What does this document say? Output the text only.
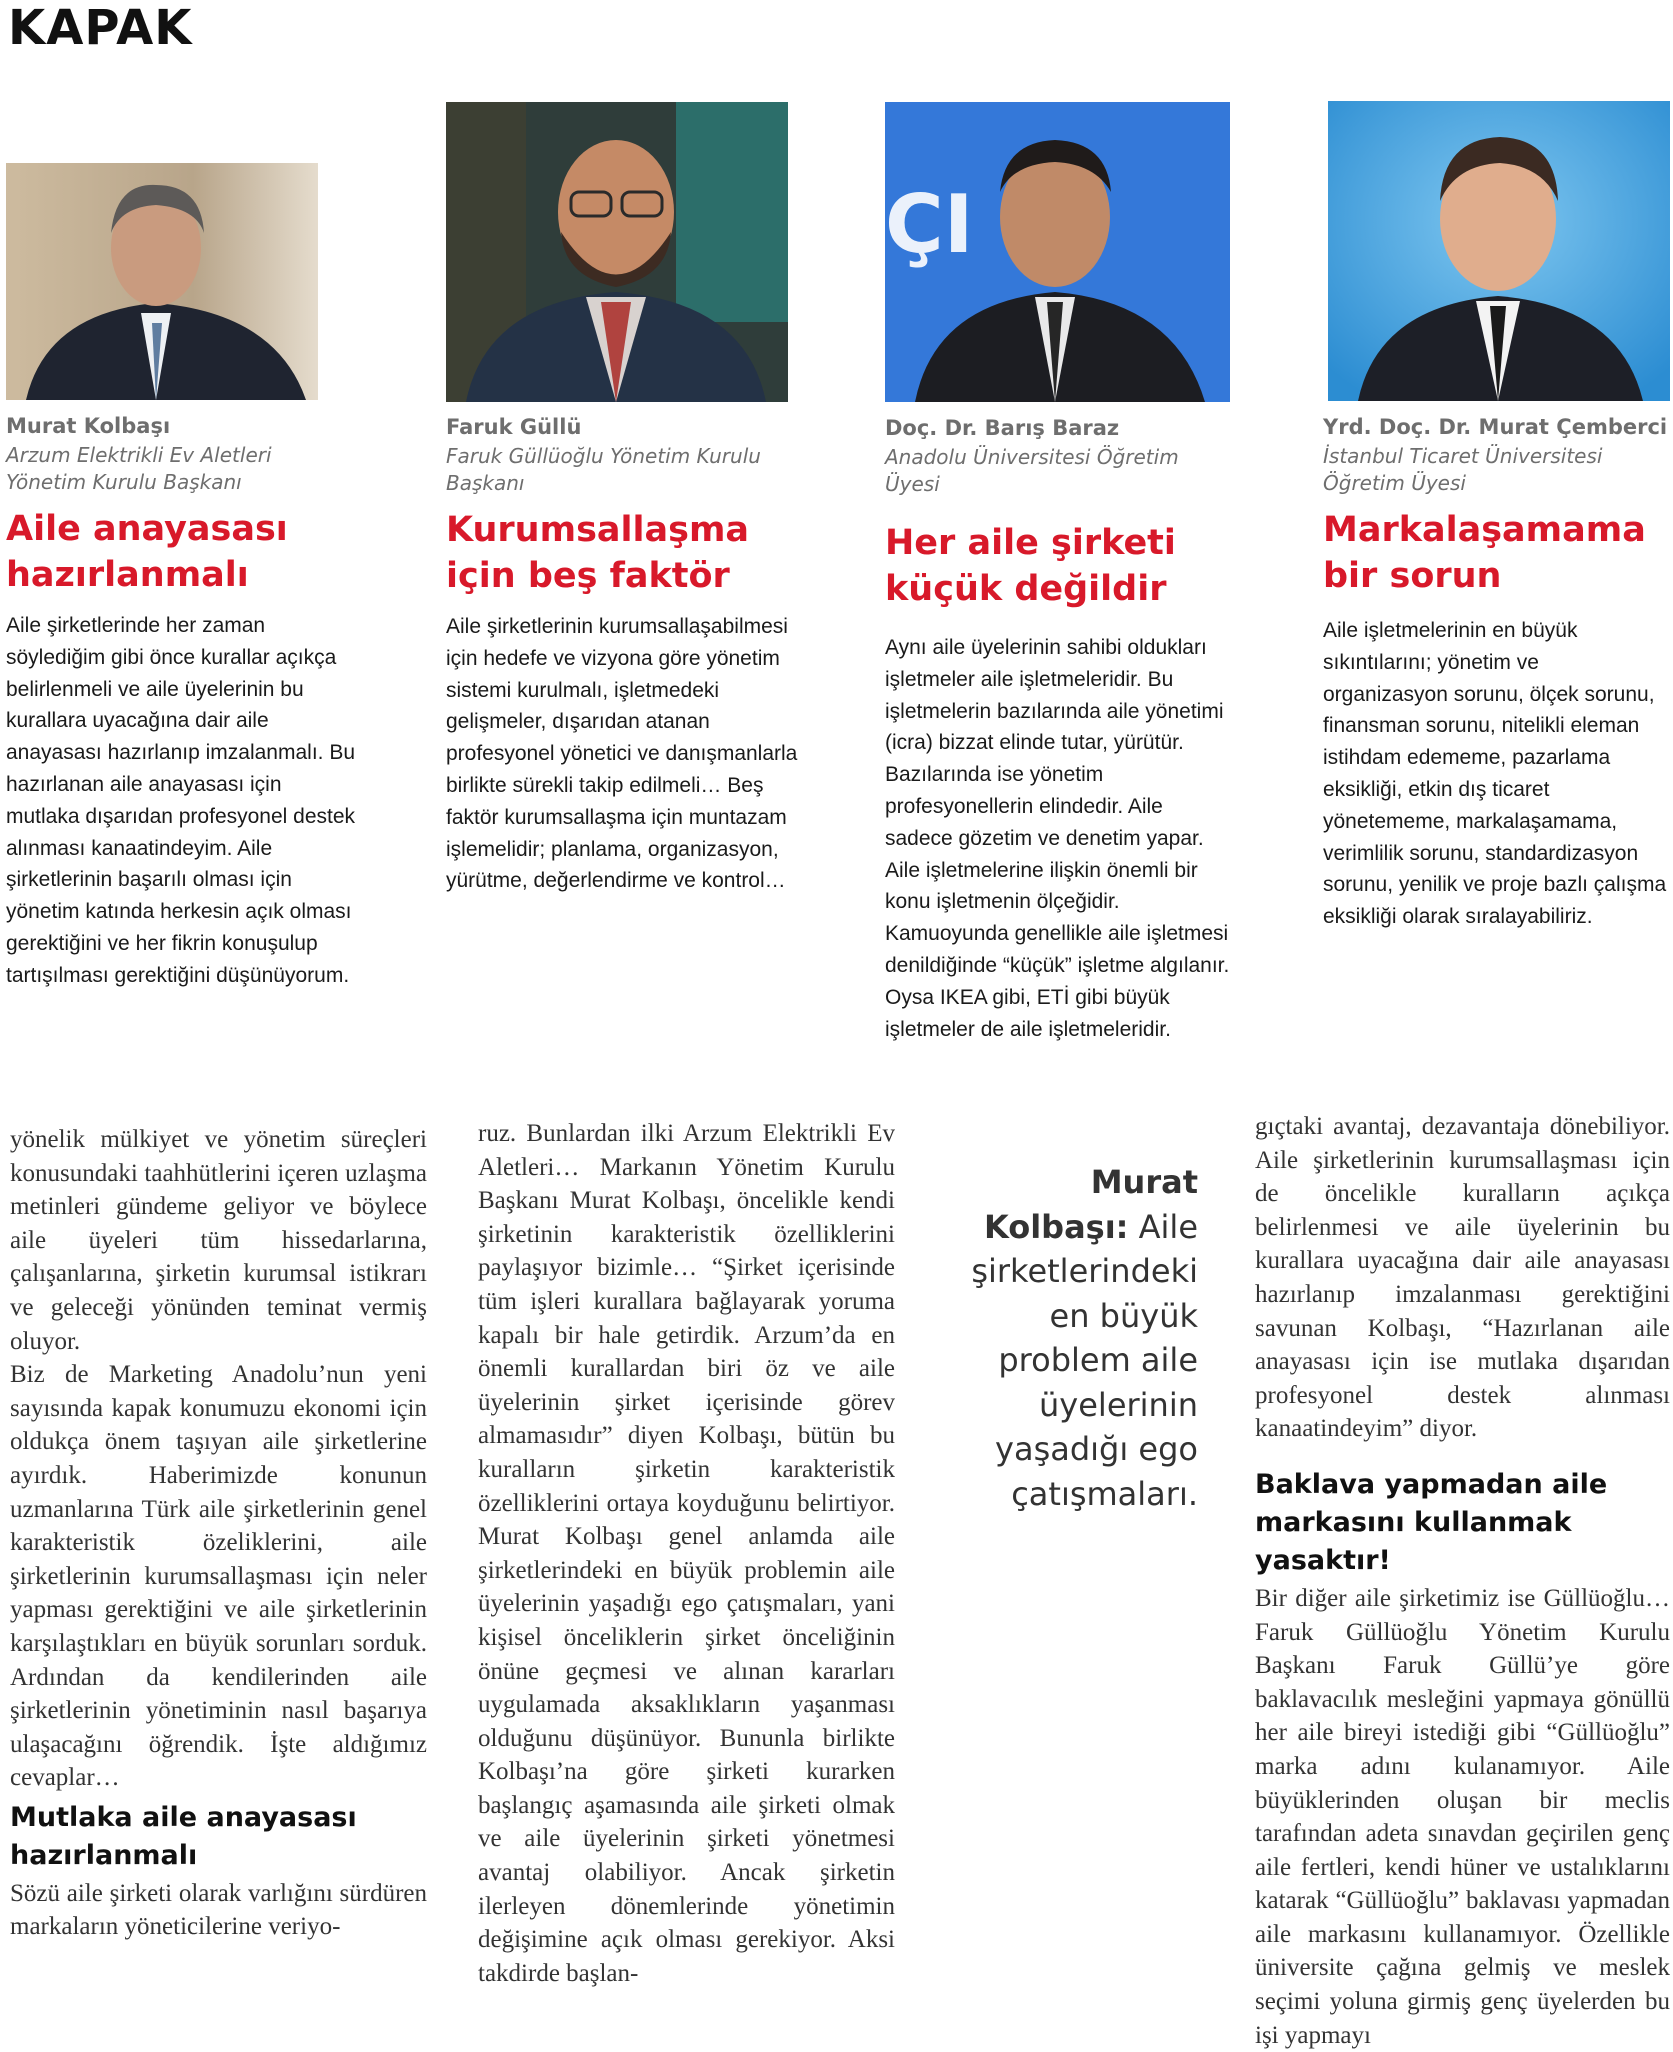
KAPAK
ÇI

Murat Kolbaşı

Arzum Elektrikli Ev Aletleri Yönetim Kurulu Başkanı

Aile anayasası hazırlanmalı

Aile şirketlerinde her zaman söylediğim gibi önce kurallar açıkça belirlenmeli ve aile üyelerinin bu kurallara uyacağına dair aile anayasası hazırlanıp imzalanmalı. Bu hazırlanan aile anayasası için mutlaka dışarıdan profesyonel destek alınması kanaatindeyim. Aile şirketlerinin başarılı olması için yönetim katında herkesin açık olması gerektiğini ve her fikrin konuşulup tartışılması gerektiğini düşünüyorum.

Faruk Güllü

Faruk Güllüoğlu Yönetim Kurulu Başkanı

Kurumsallaşma için beş faktör

Aile şirketlerinin kurumsallaşabilmesi için hedefe ve vizyona göre yönetim sistemi kurulmalı, işletmedeki gelişmeler, dışarıdan atanan profesyonel yönetici ve danışmanlarla birlikte sürekli takip edilmeli… Beş faktör kurumsallaşma için muntazam işlemelidir; planlama, organizasyon, yürütme, değerlendirme ve kontrol…

Doç. Dr. Barış Baraz

Anadolu Üniversitesi Öğretim Üyesi

Her aile şirketi küçük değildir

Aynı aile üyelerinin sahibi oldukları işletmeler aile işletmeleridir. Bu işletmelerin bazılarında aile yönetimi (icra) bizzat elinde tutar, yürütür. Bazılarında ise yönetim profesyonellerin elindedir. Aile sadece gözetim ve denetim yapar. Aile işletmelerine ilişkin önemli bir konu işletmenin ölçeğidir. Kamuoyunda genellikle aile işletmesi denildiğinde “küçük” işletme algılanır. Oysa IKEA gibi, ETİ gibi büyük işletmeler de aile işletmeleridir.

Yrd. Doç. Dr. Murat Çemberci

İstanbul Ticaret Üniversitesi Öğretim Üyesi

Markalaşamama bir sorun

Aile işletmelerinin en büyük sıkıntılarını; yönetim ve organizasyon sorunu, ölçek sorunu, finansman sorunu, nitelikli eleman istihdam edememe, pazarlama eksikliği, etkin dış ticaret yönetememe, markalaşamama, verimlilik sorunu, standardizasyon sorunu, yenilik ve proje bazlı çalışma eksikliği olarak sıralayabiliriz.

yönelik mülkiyet ve yönetim süreçleri konusundaki taahhütlerini içeren uzlaşma metinleri gündeme geliyor ve böylece aile üyeleri tüm hissedarlarına, çalışanlarına, şirketin kurumsal istikrarı ve geleceği yönünden teminat vermiş oluyor.

Biz de Marketing Anadolu’nun yeni sayısında kapak konumuzu ekonomi için oldukça önem taşıyan aile şirketlerine ayırdık. Haberimizde konunun uzmanlarına Türk aile şirketlerinin genel karakteristik özeliklerini, aile şirketlerinin kurumsallaşması için neler yapması gerektiğini ve aile şirketlerinin karşılaştıkları en büyük sorunları sorduk. Ardından da kendilerinden aile şirketlerinin yönetiminin nasıl başarıya ulaşacağını öğrendik. İşte aldığımız cevaplar…

Mutlaka aile anayasası hazırlanmalı

Sözü aile şirketi olarak varlığını sürdüren markaların yöneticilerine veriyo-

ruz. Bunlardan ilki Arzum Elektrikli Ev Aletleri… Markanın Yönetim Kurulu Başkanı Murat Kolbaşı, öncelikle kendi şirketinin karakteristik özelliklerini paylaşıyor bizimle… “Şirket içerisinde tüm işleri kurallara bağlayarak yoruma kapalı bir hale getirdik. Arzum’da en önemli kurallardan biri öz ve aile üyelerinin şirket içerisinde görev almamasıdır” diyen Kolbaşı, bütün bu kuralların şirketin karakteristik özelliklerini ortaya koyduğunu belirtiyor. Murat Kolbaşı genel anlamda aile şirketlerindeki en büyük problemin aile üyelerinin yaşadığı ego çatışmaları, yani kişisel önceliklerin şirket önceliğinin önüne geçmesi ve alınan kararları uygulamada aksaklıkların yaşanması olduğunu düşünüyor. Bununla birlikte Kolbaşı’na göre şirketi kurarken başlangıç aşamasında aile şirketi olmak ve aile üyelerinin şirketi yönetmesi avantaj olabiliyor. Ancak şirketin ilerleyen dönemlerinde yönetimin değişimine açık olması gerekiyor. Aksi takdirde başlan-

Murat Kolbaşı: Aile şirketlerindeki en büyük problem aile üyelerinin yaşadığı ego çatışmaları.

gıçtaki avantaj, dezavantaja dönebiliyor. Aile şirketlerinin kurumsallaşması için de öncelikle kuralların açıkça belirlenmesi ve aile üyelerinin bu kurallara uyacağına dair aile anayasası hazırlanıp imzalanması gerektiğini savunan Kolbaşı, “Hazırlanan aile anayasası için ise mutlaka dışarıdan profesyonel destek alınması kanaatindeyim” diyor.

Baklava yapmadan aile markasını kullanmak yasaktır!

Bir diğer aile şirketimiz ise Güllüoğlu… Faruk Güllüoğlu Yönetim Kurulu Başkanı Faruk Güllü’ye göre baklavacılık mesleğini yapmaya gönüllü her aile bireyi istediği gibi “Güllüoğlu” marka adını kulanamıyor. Aile büyüklerinden oluşan bir meclis tarafından adeta sınavdan geçirilen genç aile fertleri, kendi hüner ve ustalıklarını katarak “Güllüoğlu” baklavası yapmadan aile markasını kullanamıyor. Özellikle üniversite çağına gelmiş ve meslek seçimi yoluna girmiş genç üyelerden bu işi yapmayı
